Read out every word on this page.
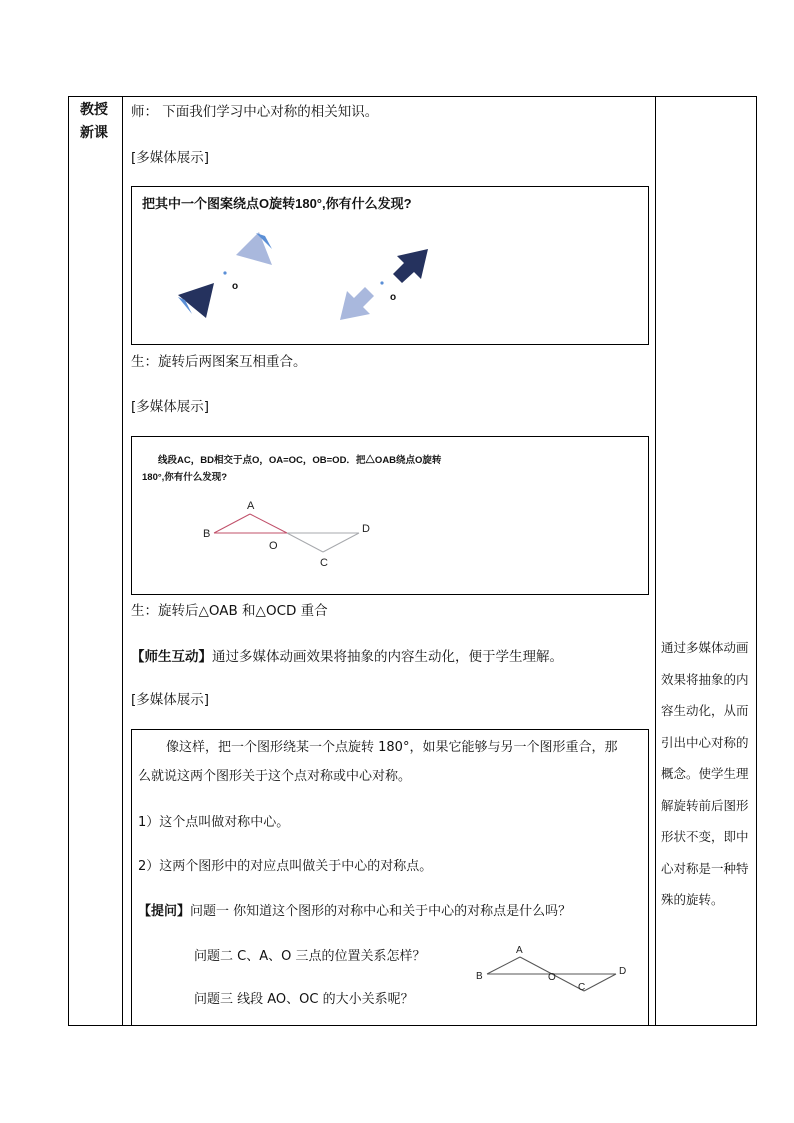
教授
新课
师： 下面我们学习中心对称的相关知识。
[多媒体展示]
把其中一个图案绕点O旋转180°,你有什么发现?
o
o
生：旋转后两图案互相重合。
[多媒体展示]
线段AC，BD相交于点O，OA=OC，OB=OD．把△OAB绕点O旋转
180°,你有什么发现?
A
B
O
C
D
生：旋转后△OAB 和△OCD 重合
【师生互动】通过多媒体动画效果将抽象的内容生动化，便于学生理解。
[多媒体展示]
像这样，把一个图形绕某一个点旋转 180°，如果它能够与另一个图形重合，那
么就说这两个图形关于这个点对称或中心对称。
1）这个点叫做对称中心。
2）这两个图形中的对应点叫做关于中心的对称点。
【提问】问题一 你知道这个图形的对称中心和关于中心的对称点是什么吗？
问题二 C、A、O 三点的位置关系怎样？
问题三 线段 AO、OC 的大小关系呢？
A
B	O
C
D
通过多媒体动画
效果将抽象的内
容生动化，从而
引出中心对称的
概念。使学生理
解旋转前后图形
形状不变，即中
心对称是一种特
殊的旋转。
